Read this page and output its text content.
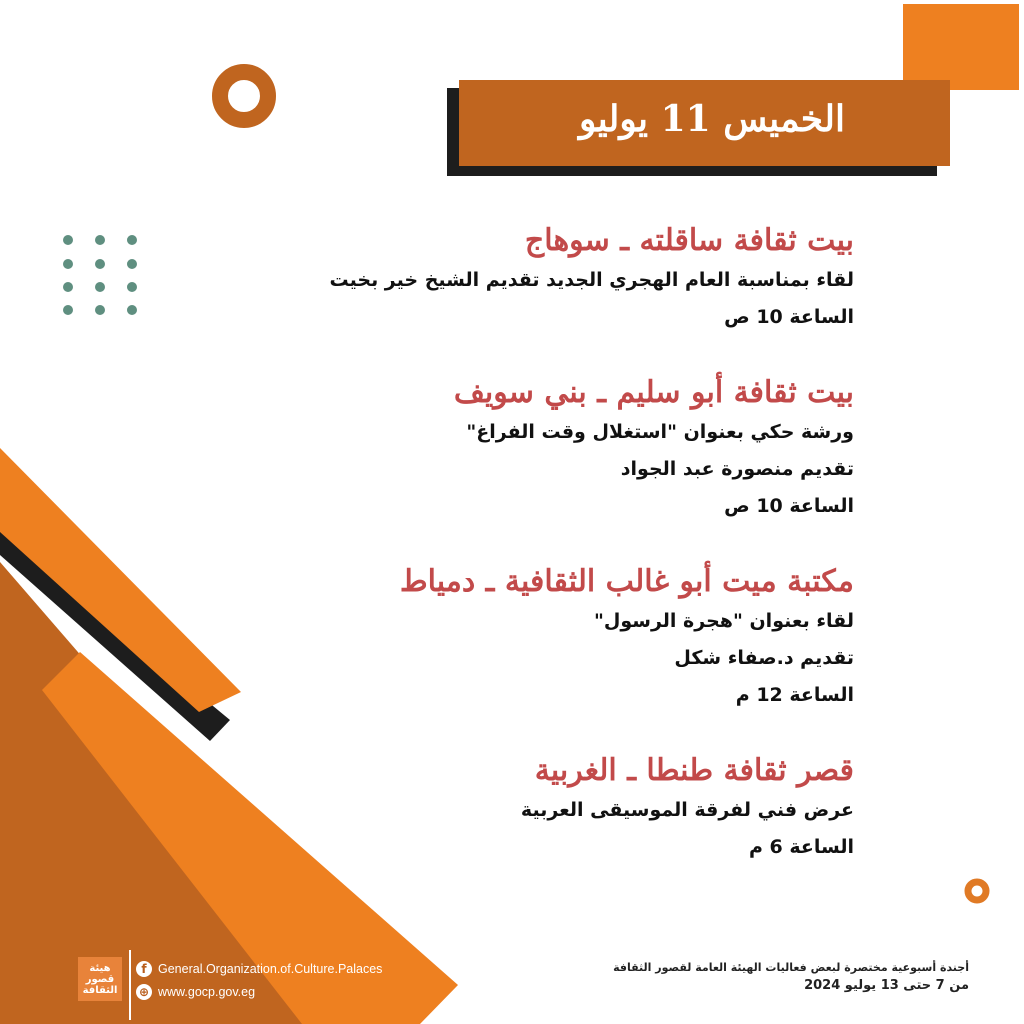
الخميس 11 يوليو
بيت ثقافة ساقلته ـ سوهاج
لقاء بمناسبة العام الهجري الجديد تقديم الشيخ خير بخيت
الساعة 10 ص
بيت ثقافة أبو سليم ـ بني سويف
ورشة حكي بعنوان "استغلال وقت الفراغ"
تقديم منصورة عبد الجواد
الساعة 10 ص
مكتبة ميت أبو غالب الثقافية ـ دمياط
لقاء بعنوان "هجرة الرسول"
تقديم د.صفاء شكل
الساعة 12 م
قصر ثقافة طنطا ـ الغربية
عرض فني لفرقة الموسيقى العربية
الساعة 6 م
هيئة قصور الثقافة
f General.Organization.of.Culture.Palaces
⊕ www.gocp.gov.eg
أجندة أسبوعية مختصرة لبعض فعاليات الهيئة العامة لقصور الثقافة
من 7 حتى 13 يوليو 2024
